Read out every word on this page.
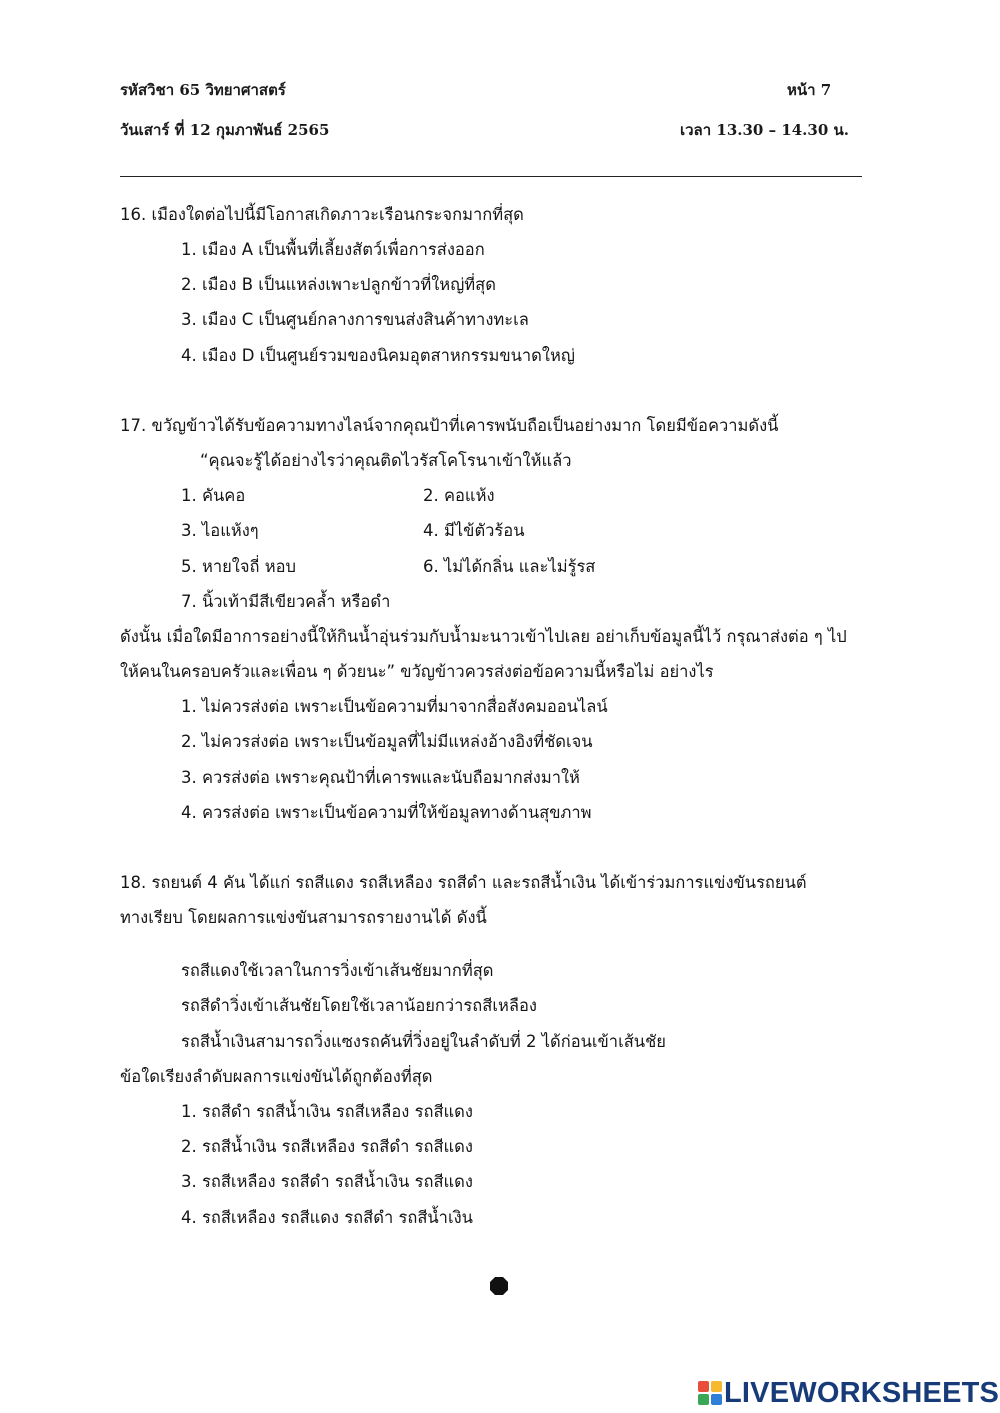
รหัสวิชา 65 วิทยาศาสตร์	หน้า 7
วันเสาร์ ที่ 12 กุมภาพันธ์ 2565	เวลา 13.30 – 14.30 น.
16. เมืองใดต่อไปนี้มีโอกาสเกิดภาวะเรือนกระจกมากที่สุด
1. เมือง A เป็นพื้นที่เลี้ยงสัตว์เพื่อการส่งออก
2. เมือง B เป็นแหล่งเพาะปลูกข้าวที่ใหญ่ที่สุด
3. เมือง C เป็นศูนย์กลางการขนส่งสินค้าทางทะเล
4. เมือง D เป็นศูนย์รวมของนิคมอุตสาหกรรมขนาดใหญ่
17. ขวัญข้าวได้รับข้อความทางไลน์จากคุณป้าที่เคารพนับถือเป็นอย่างมาก โดยมีข้อความดังนี้
“คุณจะรู้ได้อย่างไรว่าคุณติดไวรัสโคโรนาเข้าให้แล้ว
1. คันคอ	2. คอแห้ง
3. ไอแห้งๆ	4. มีไข้ตัวร้อน
5. หายใจถี่ หอบ	6. ไม่ได้กลิ่น และไม่รู้รส
7. นิ้วเท้ามีสีเขียวคล้ำ หรือดำ
ดังนั้น เมื่อใดมีอาการอย่างนี้ให้กินน้ำอุ่นร่วมกับน้ำมะนาวเข้าไปเลย อย่าเก็บข้อมูลนี้ไว้ กรุณาส่งต่อ ๆ ไป
ให้คนในครอบครัวและเพื่อน ๆ ด้วยนะ” ขวัญข้าวควรส่งต่อข้อความนี้หรือไม่ อย่างไร
1. ไม่ควรส่งต่อ เพราะเป็นข้อความที่มาจากสื่อสังคมออนไลน์
2. ไม่ควรส่งต่อ เพราะเป็นข้อมูลที่ไม่มีแหล่งอ้างอิงที่ชัดเจน
3. ควรส่งต่อ เพราะคุณป้าที่เคารพและนับถือมากส่งมาให้
4. ควรส่งต่อ เพราะเป็นข้อความที่ให้ข้อมูลทางด้านสุขภาพ
18. รถยนต์ 4 คัน ได้แก่ รถสีแดง รถสีเหลือง รถสีดำ และรถสีน้ำเงิน ได้เข้าร่วมการแข่งขันรถยนต์
ทางเรียบ โดยผลการแข่งขันสามารถรายงานได้ ดังนี้
รถสีแดงใช้เวลาในการวิ่งเข้าเส้นชัยมากที่สุด
รถสีดำวิ่งเข้าเส้นชัยโดยใช้เวลาน้อยกว่ารถสีเหลือง
รถสีน้ำเงินสามารถวิ่งแซงรถคันที่วิ่งอยู่ในลำดับที่ 2 ได้ก่อนเข้าเส้นชัย
ข้อใดเรียงลำดับผลการแข่งขันได้ถูกต้องที่สุด
1. รถสีดำ รถสีน้ำเงิน รถสีเหลือง รถสีแดง
2. รถสีน้ำเงิน รถสีเหลือง รถสีดำ รถสีแดง
3. รถสีเหลือง รถสีดำ รถสีน้ำเงิน รถสีแดง
4. รถสีเหลือง รถสีแดง รถสีดำ รถสีน้ำเงิน
LIVEWORKSHEETS
